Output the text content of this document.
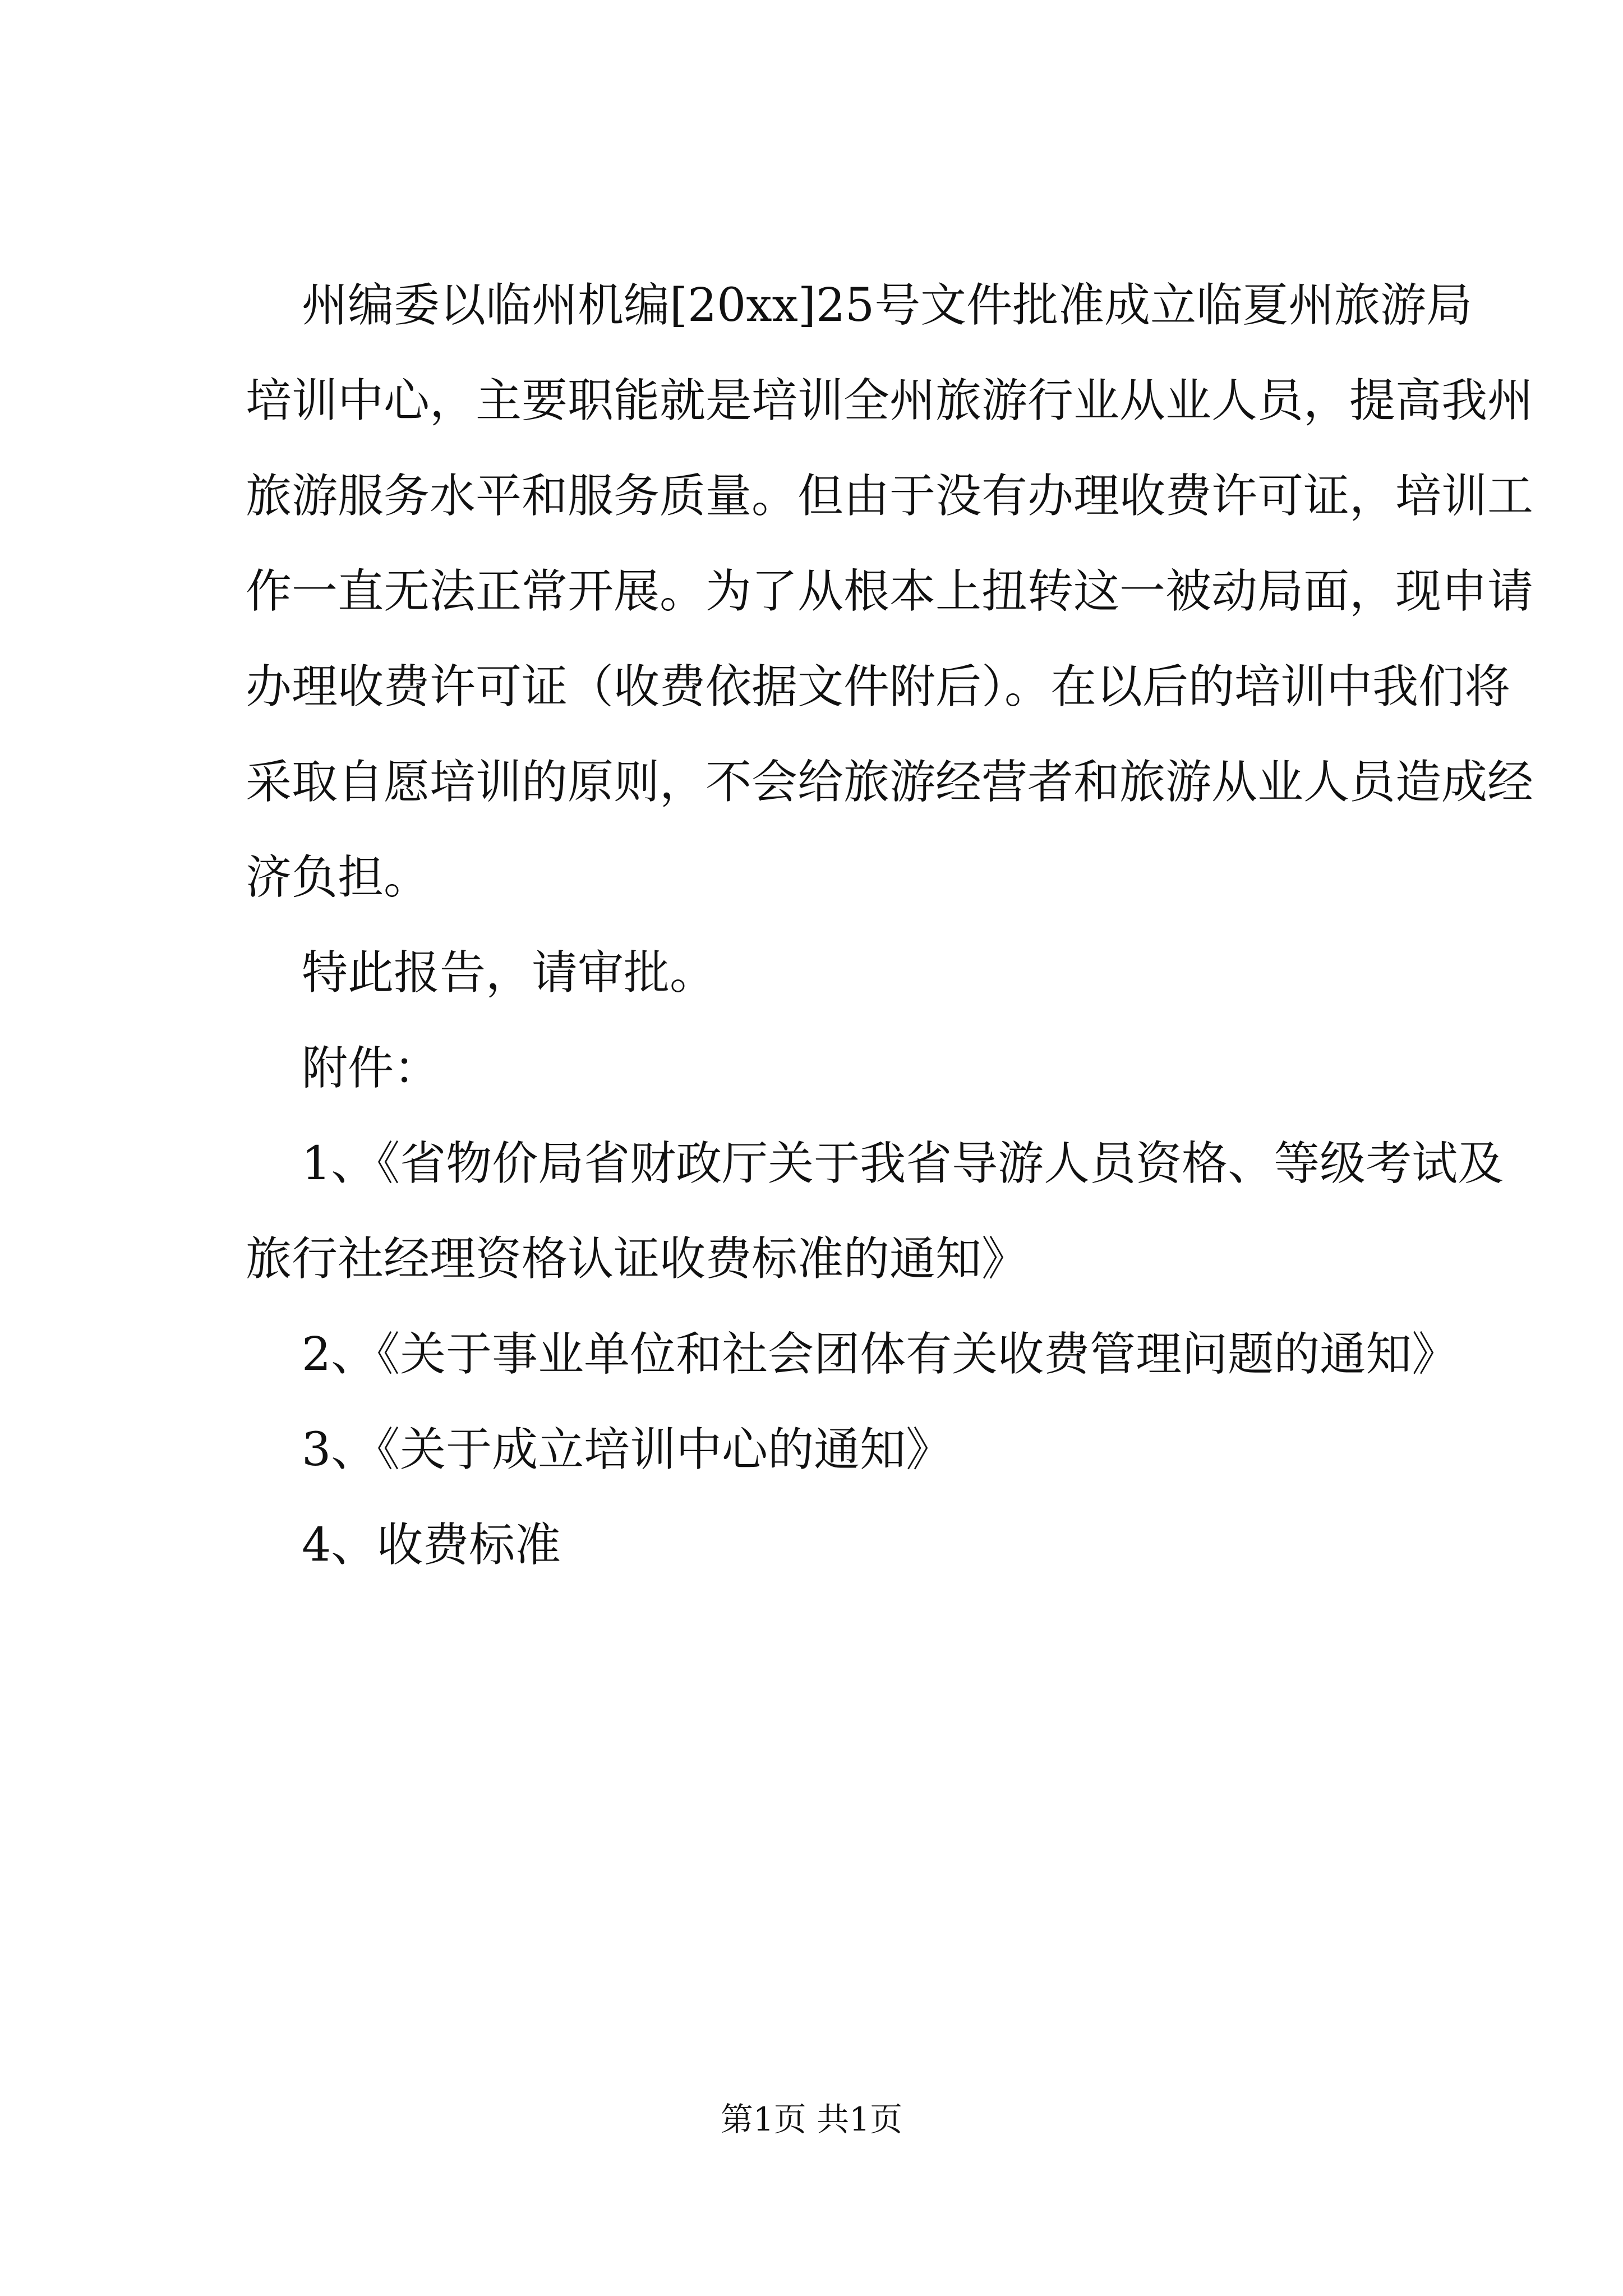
州编委以临州机编[20xx]25号文件批准成立临夏州旅游局
培训中心，主要职能就是培训全州旅游行业从业人员，提高我州
旅游服务水平和服务质量。但由于没有办理收费许可证，培训工
作一直无法正常开展。为了从根本上扭转这一被动局面，现申请
办理收费许可证（收费依据文件附后）。在以后的培训中我们将
采取自愿培训的原则，不会给旅游经营者和旅游从业人员造成经
济负担。
特此报告，请审批。
附件：
1、《省物价局省财政厅关于我省导游人员资格、等级考试及
旅行社经理资格认证收费标准的通知》
2、《关于事业单位和社会团体有关收费管理问题的通知》
3、《关于成立培训中心的通知》
4、收费标准
第1页 共1页
